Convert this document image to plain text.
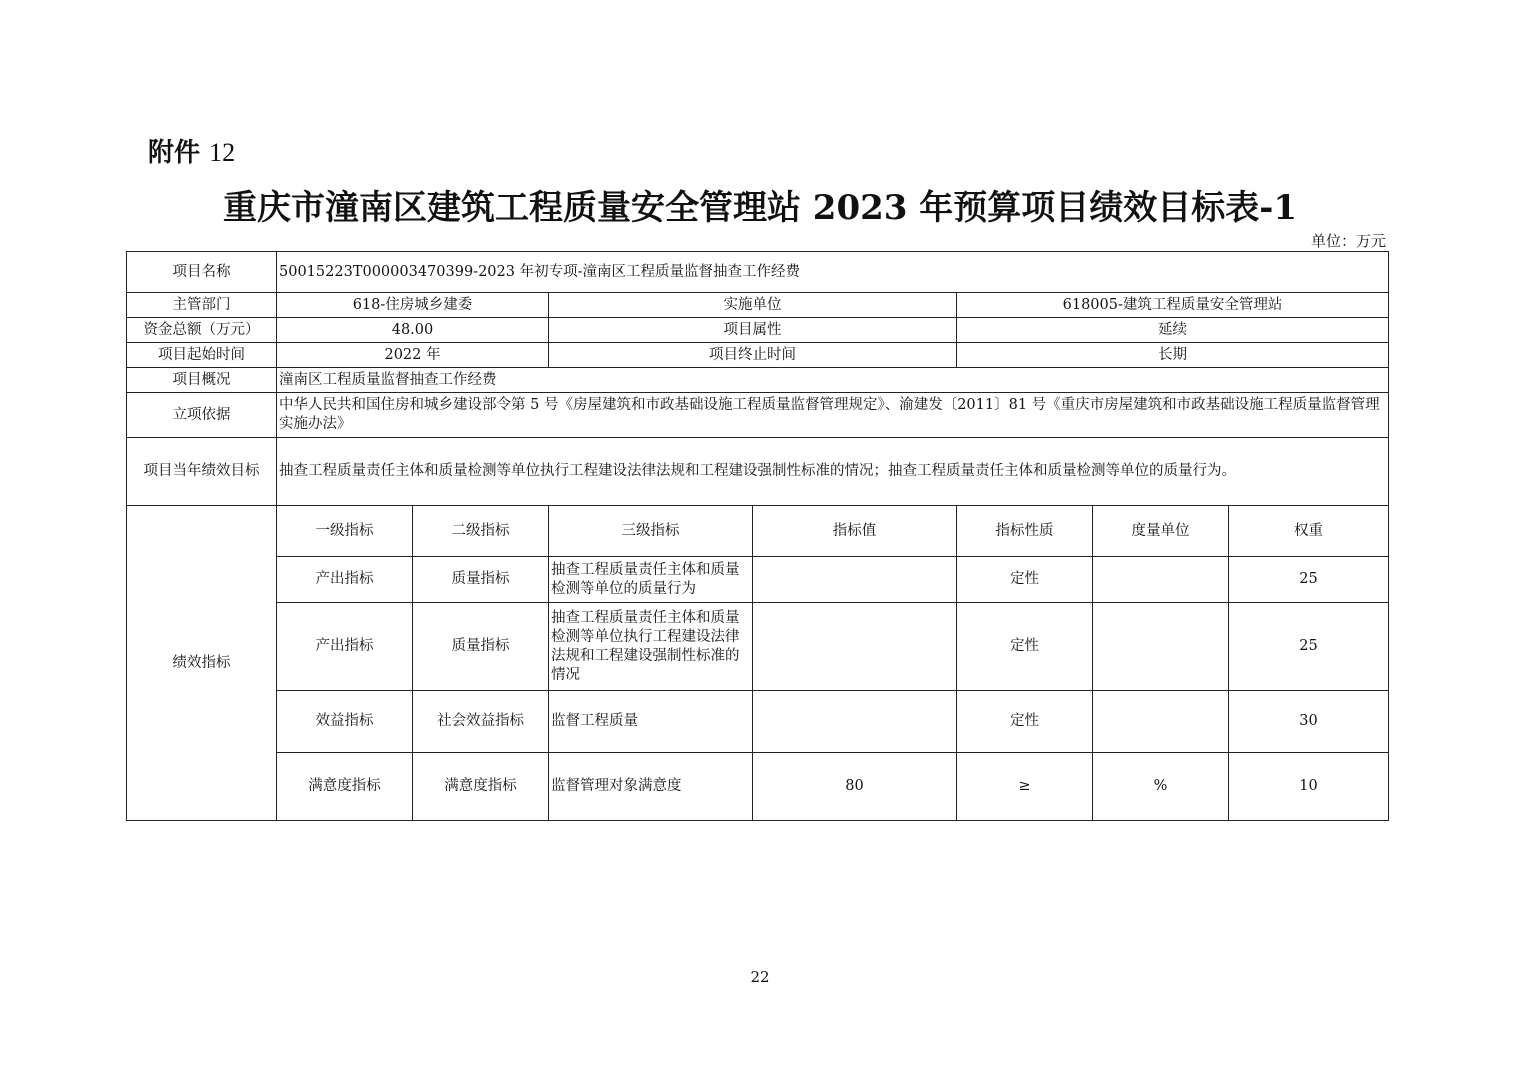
附件 12
重庆市潼南区建筑工程质量安全管理站 2023 年预算项目绩效目标表-1
单位：万元
项目名称	50015223T000003470399-2023 年初专项-潼南区工程质量监督抽查工作经费						
主管部门	618-住房城乡建委		实施单位		618005-建筑工程质量安全管理站		
资金总额（万元）	48.00		项目属性		延续		
项目起始时间	2022 年		项目终止时间		长期		
项目概况	潼南区工程质量监督抽查工作经费						
立项依据	中华人民共和国住房和城乡建设部令第 5 号《房屋建筑和市政基础设施工程质量监督管理规定》、渝建发〔2011〕81 号《重庆市房屋建筑和市政基础设施工程质量监督管理实施办法》						
项目当年绩效目标	抽查工程质量责任主体和质量检测等单位执行工程建设法律法规和工程建设强制性标准的情况；抽查工程质量责任主体和质量检测等单位的质量行为。						
绩效指标	一级指标	二级指标	三级指标	指标值	指标性质	度量单位	权重
	产出指标	质量指标	抽查工程质量责任主体和质量检测等单位的质量行为		定性		25
	产出指标	质量指标	抽查工程质量责任主体和质量检测等单位执行工程建设法律法规和工程建设强制性标准的情况		定性		25
	效益指标	社会效益指标	监督工程质量		定性		30
	满意度指标	满意度指标	监督管理对象满意度	80	≥	%	10
22
